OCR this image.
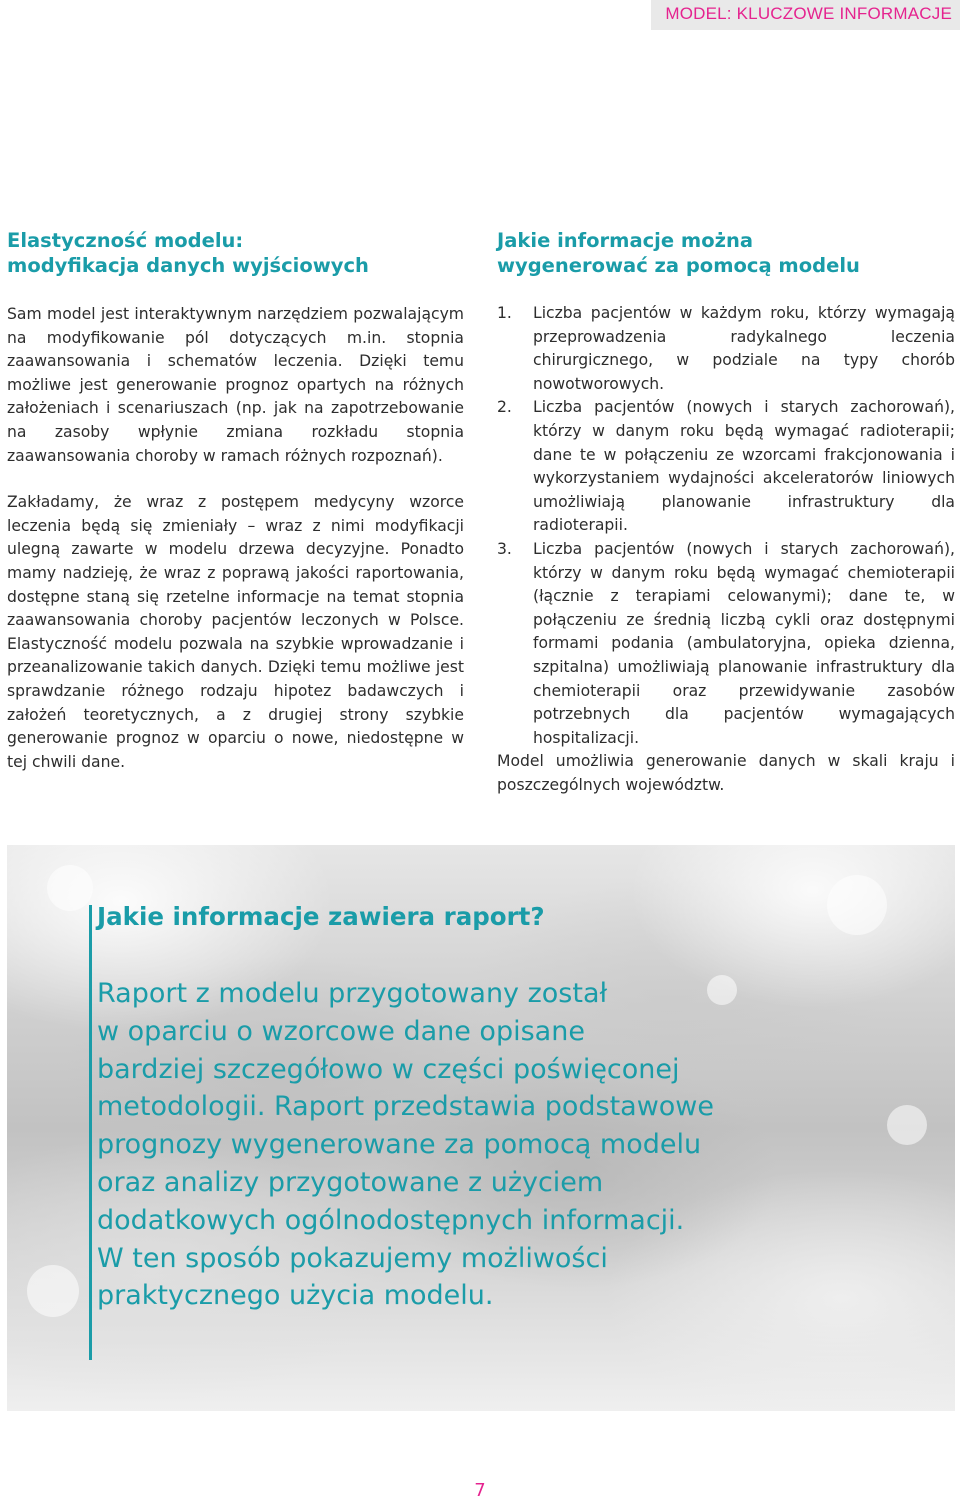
MODEL: KLUCZOWE INFORMACJE
Elastyczność modelu:
modyfikacja danych wyjściowych

Sam model jest interaktywnym narzędziem pozwalającym na modyfikowanie pól dotyczących m.in. stopnia zaawansowania i schematów leczenia. Dzięki temu możliwe jest generowanie prognoz opartych na różnych założeniach i scenariuszach (np. jak na zapotrzebowanie na zasoby wpłynie zmiana rozkładu stopnia zaawansowania choroby w ramach różnych rozpoznań).

Zakładamy, że wraz z postępem medycyny wzorce leczenia będą się zmieniały – wraz z nimi modyfikacji ulegną zawarte w modelu drzewa decyzyjne. Ponadto mamy nadzieję, że wraz z poprawą jakości raportowania, dostępne staną się rzetelne informacje na temat stopnia zaawansowania choroby pacjentów leczonych w Polsce. Elastyczność modelu pozwala na szybkie wprowadzanie i przeanalizowanie takich danych. Dzięki temu możliwe jest sprawdzanie różnego rodzaju hipotez badawczych i założeń teoretycznych, a z drugiej strony szybkie generowanie prognoz w oparciu o nowe, niedostępne w tej chwili dane.

Jakie informacje można
wygenerować za pomocą modelu
1. Liczba pacjentów w każdym roku, którzy wymagają przeprowadzenia radykalnego leczenia chirurgicznego, w podziale na typy chorób nowotworowych.
2. Liczba pacjentów (nowych i starych zachorowań), którzy w danym roku będą wymagać radioterapii; dane te w połączeniu ze wzorcami frakcjonowania i wykorzystaniem wydajności akceleratorów liniowych umożliwiają planowanie infrastruktury dla radioterapii.
3. Liczba pacjentów (nowych i starych zachorowań), którzy w danym roku będą wymagać chemioterapii (łącznie z terapiami celowanymi); dane te, w połączeniu ze średnią liczbą cykli oraz dostępnymi formami podania (ambulatoryjna, opieka dzienna, szpitalna) umożliwiają planowanie infrastruktury dla chemioterapii oraz przewidywanie zasobów potrzebnych dla pacjentów wymagających hospitalizacji.

Model umożliwia generowanie danych w skali kraju i poszczególnych województw.

Jakie informacje zawiera raport?

Raport z modelu przygotowany został
w oparciu o wzorcowe dane opisane
bardziej szczegółowo w części poświęconej
metodologii. Raport przedstawia podstawowe
prognozy wygenerowane za pomocą modelu
oraz analizy przygotowane z użyciem
dodatkowych ogólnodostępnych informacji.
W ten sposób pokazujemy możliwości
praktycznego użycia modelu.

7
